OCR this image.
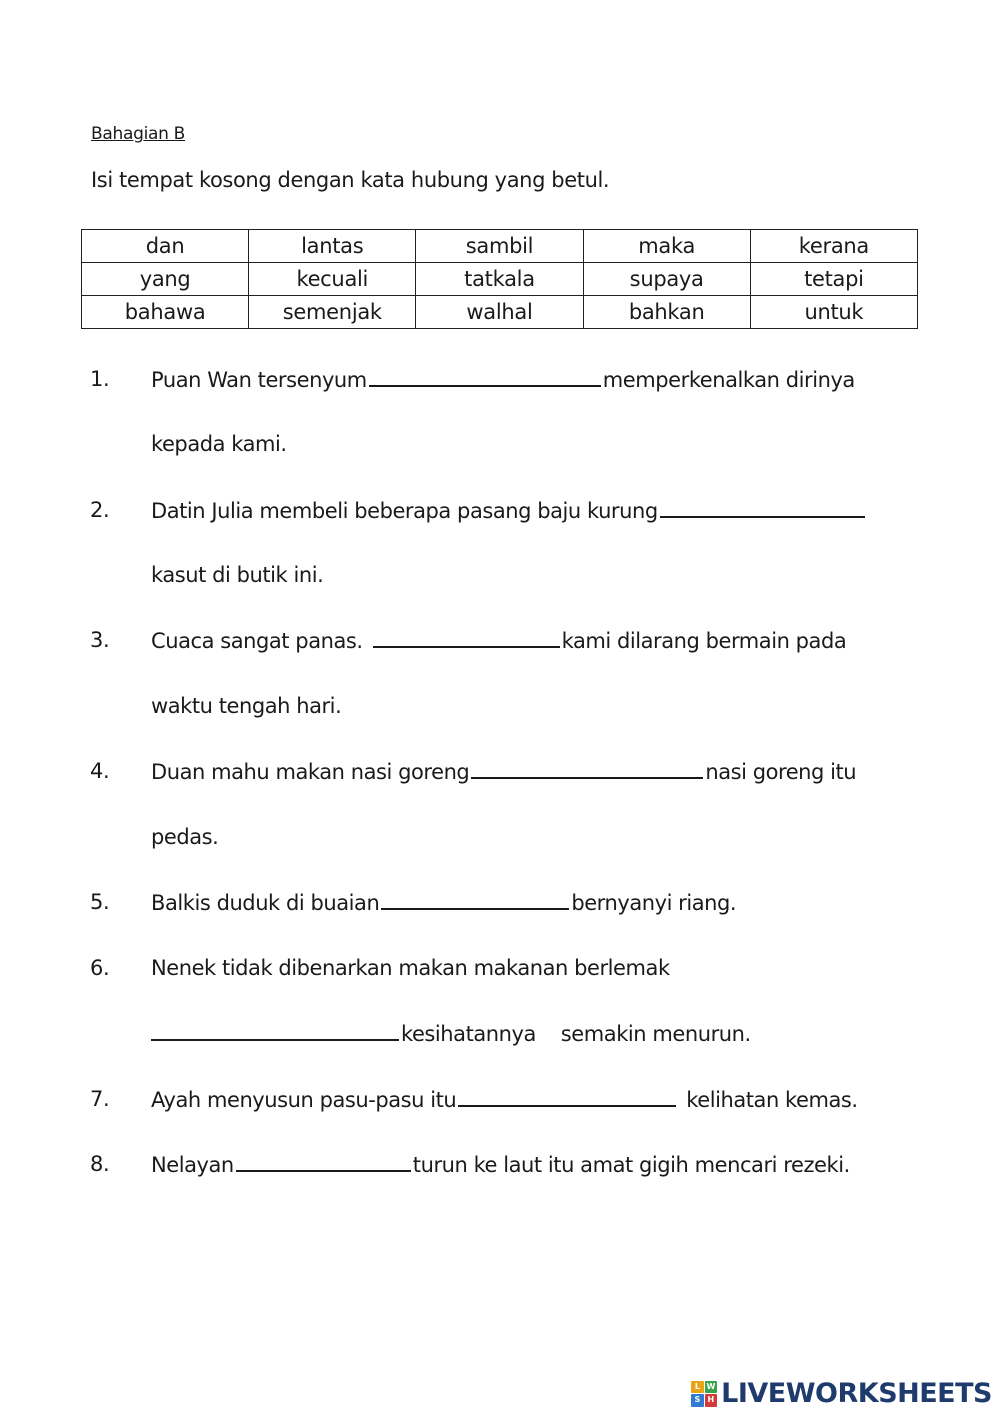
Bahagian B
Isi tempat kosong dengan kata hubung yang betul.
dan	lantas	sambil	maka	kerana
yang	kecuali	tatkala	supaya	tetapi
bahawa	semenjak	walhal	bahkan	untuk
1. Puan Wan tersenyum	memperkenalkan dirinya
kepada kami.
2. Datin Julia membeli beberapa pasang baju kurung
kasut di butik ini.
3. Cuaca sangat panas.	kami dilarang bermain pada
waktu tengah hari.
4. Duan mahu makan nasi goreng	nasi goreng itu
pedas.
5. Balkis duduk di buaian	bernyanyi riang.
6. Nenek tidak dibenarkan makan makanan berlemak
kesihatannya    semakin menurun.
7. Ayah menyusun pasu-pasu itu	kelihatan kemas.
8. Nelayan	turun ke laut itu amat gigih mencari rezeki.
L W
S H LIVEWORKSHEETS
